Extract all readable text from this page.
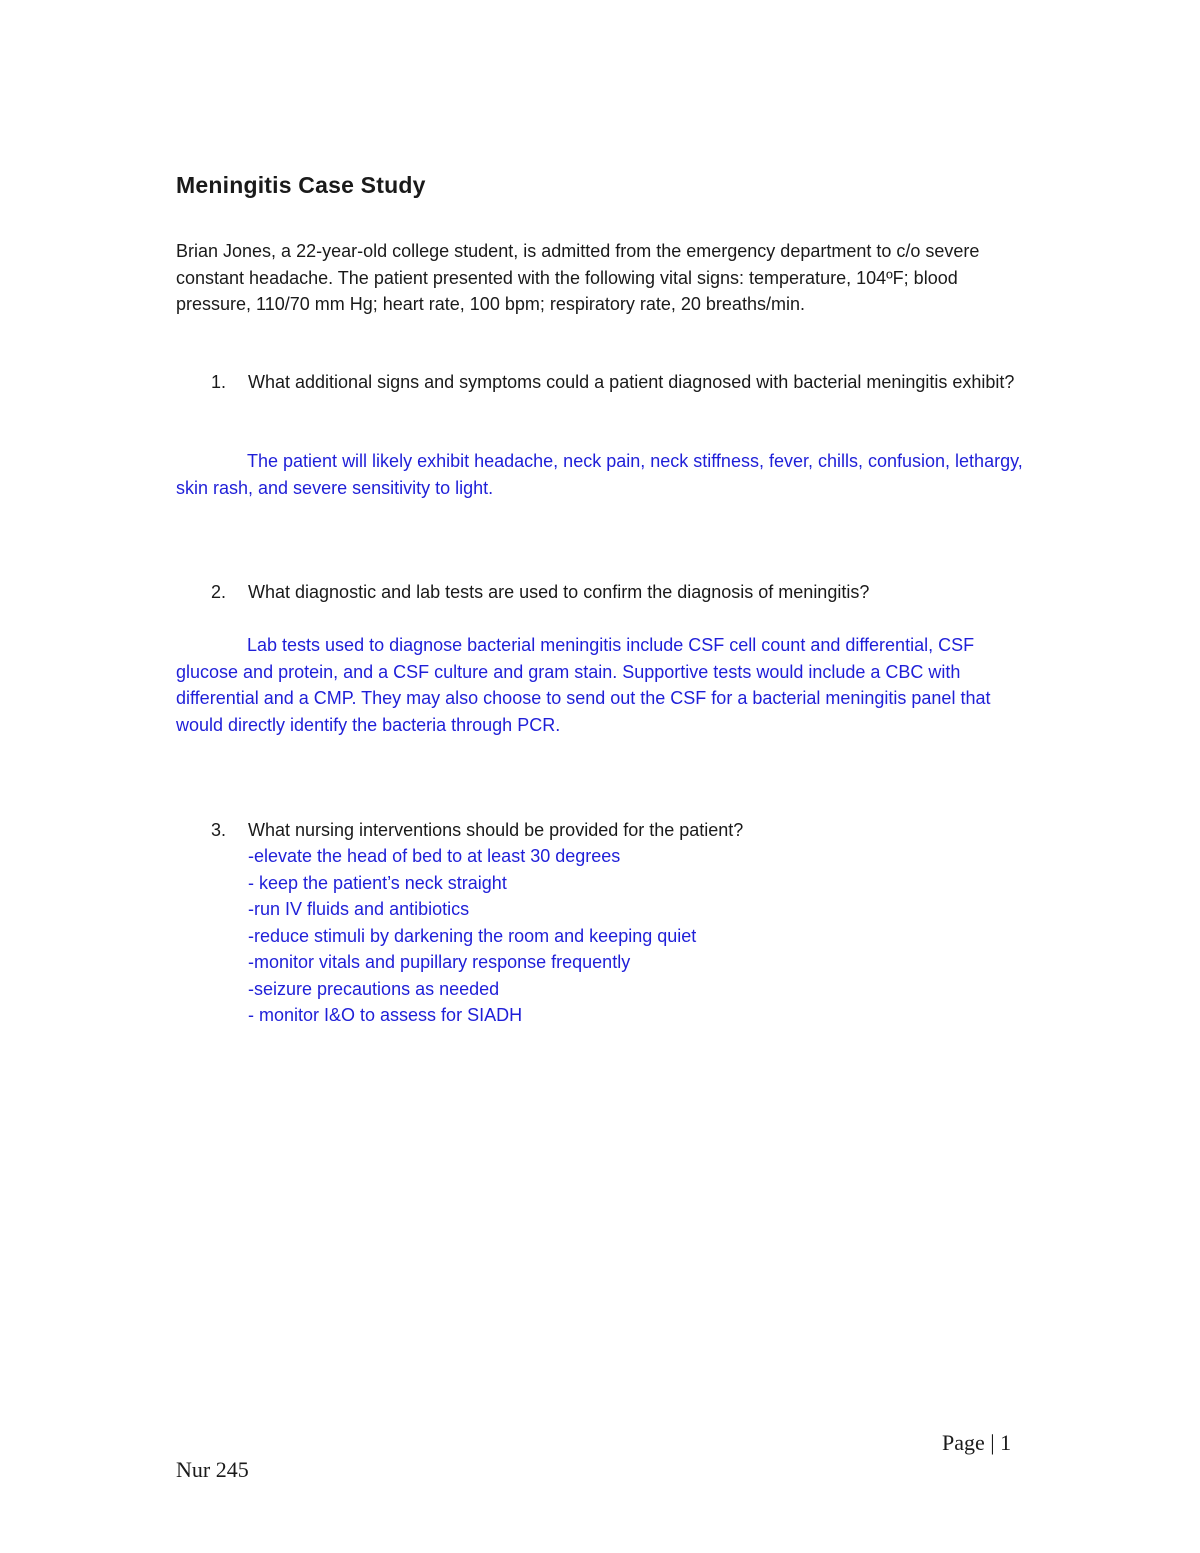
Meningitis Case Study
Brian Jones, a 22-year-old college student, is admitted from the emergency department to c/o severe constant headache. The patient presented with the following vital signs: temperature, 104ºF; blood pressure, 110/70 mm Hg; heart rate, 100 bpm; respiratory rate, 20 breaths/min.
1. What additional signs and symptoms could a patient diagnosed with bacterial meningitis exhibit?
The patient will likely exhibit headache, neck pain, neck stiffness, fever, chills, confusion, lethargy, skin rash, and severe sensitivity to light.
2. What diagnostic and lab tests are used to confirm the diagnosis of meningitis?
Lab tests used to diagnose bacterial meningitis include CSF cell count and differential, CSF glucose and protein, and a CSF culture and gram stain. Supportive tests would include a CBC with differential and a CMP. They may also choose to send out the CSF for a bacterial meningitis panel that would directly identify the bacteria through PCR.
3. What nursing interventions should be provided for the patient?
-elevate the head of bed to at least 30 degrees
- keep the patient’s neck straight
-run IV fluids and antibiotics
-reduce stimuli by darkening the room and keeping quiet
-monitor vitals and pupillary response frequently
-seizure precautions as needed
- monitor I&O to assess for SIADH
Page | 1
Nur 245
